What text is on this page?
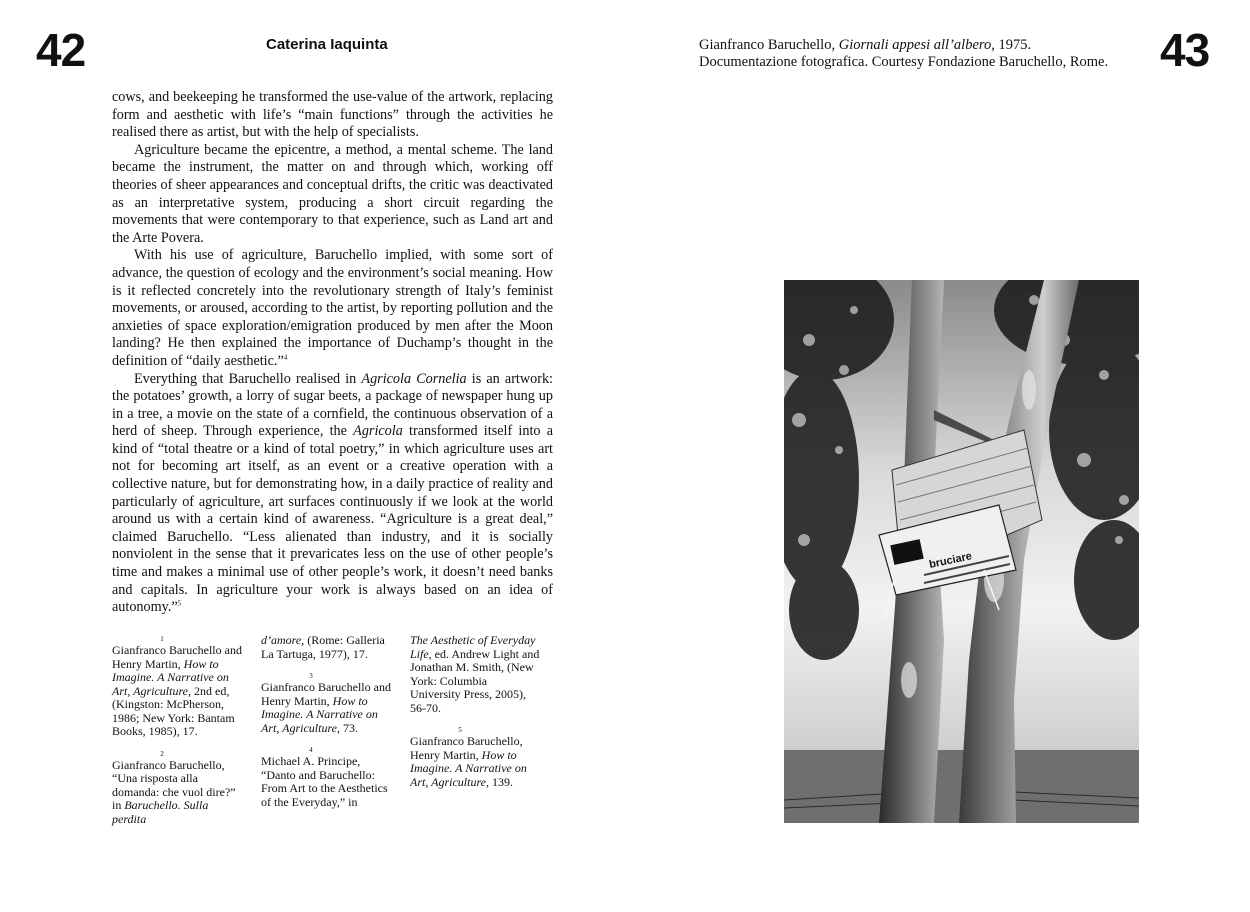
42	Caterina Iaquinta

cows, and beekeeping he transformed the use-value of the artwork, replacing form and aesthetic with life’s “main functions” through the activities he realised there as artist, but with the help of specialists.

Agriculture became the epicentre, a method, a mental scheme. The land became the instrument, the matter on and through which, working off theories of sheer appearances and conceptual drifts, the critic was deactivated as an interpretative system, producing a short circuit regarding the movements that were contemporary to that experience, such as Land art and the Arte Povera.

With his use of agriculture, Baruchello implied, with some sort of advance, the question of ecology and the environment’s social meaning. How is it reflected concretely into the revolutionary strength of Italy’s feminist movements, or aroused, according to the artist, by reporting pollution and the anxieties of space exploration/emigration produced by men after the Moon landing? He then explained the importance of Duchamp’s thought in the definition of “daily aesthetic.”$^4$

Everything that Baruchello realised in Agricola Cornelia is an artwork: the potatoes’ growth, a lorry of sugar beets, a package of newspaper hung up in a tree, a movie on the state of a cornfield, the continuous observation of a herd of sheep. Through experience, the Agricola transformed itself into a kind of “total theatre or a kind of total poetry,” in which agriculture uses art not for becoming art itself, as an event or a creative operation with a collective nature, but for demonstrating how, in a daily practice of reality and particularly of agriculture, art surfaces continuously if we look at the world around us with a certain kind of awareness. “Agriculture is a great deal,” claimed Baruchello. “Less alienated than industry, and it is socially nonviolent in the sense that it prevaricates less on the use of other people’s time and makes a minimal use of other people’s work, it doesn’t need banks and capitals. In agriculture your work is always based on an idea of autonomy.”$^5$

1

Gianfranco Baruchello and Henry Martin, How to Imagine. A Narrative on Art, Agriculture, 2nd ed, (Kingston: McPherson, 1986; New York: Bantam Books, 1985), 17.

2

Gianfranco Baruchello, “Una risposta alla domanda: che vuol dire?” in Baruchello. Sulla perdita

d’amore, (Rome: Galleria La Tartuga, 1977), 17.

3

Gianfranco Baruchello and Henry Martin, How to Imagine. A Narrative on Art, Agriculture, 73.

4

Michael A. Principe, “Danto and Baruchello: From Art to the Aesthetics of the Everyday,” in

The Aesthetic of Everyday Life, ed. Andrew Light and Jonathan M. Smith, (New York: Columbia University Press, 2005), 56-70.

5

Gianfranco Baruchello, Henry Martin, How to Imagine. A Narrative on Art, Agriculture, 139.

Gianfranco Baruchello, Giornali appesi all’albero, 1975.
Documentazione fotografica. Courtesy Fondazione Baruchello, Rome.	43
bruciare
